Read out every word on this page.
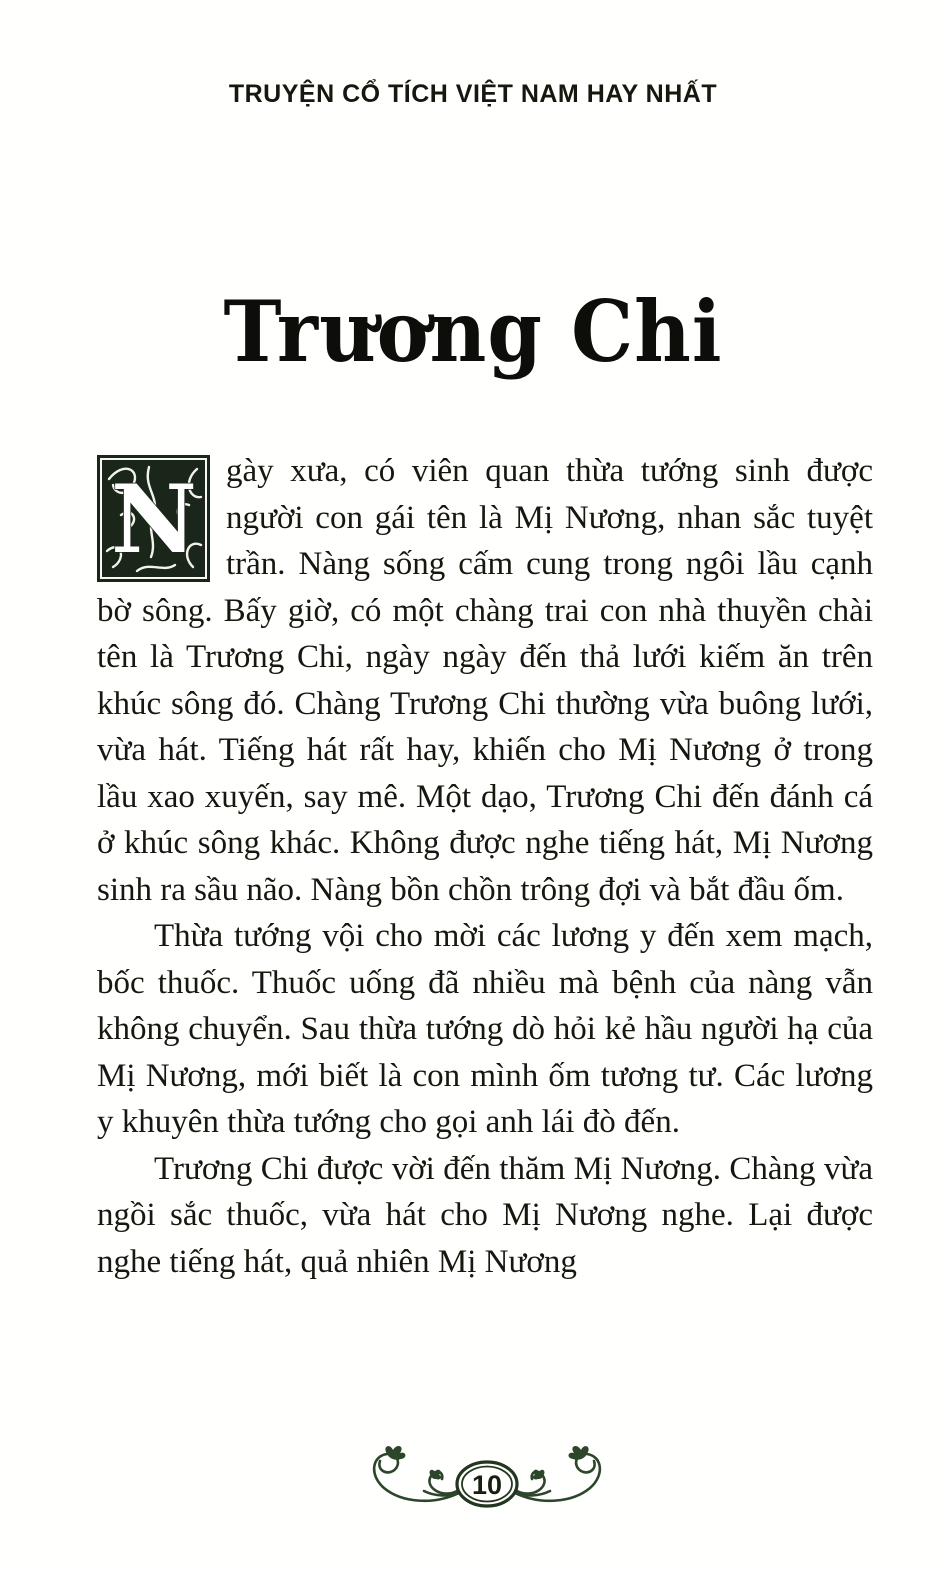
TRUYỆN CỔ TÍCH VIỆT NAM HAY NHẤT
Trương Chi

N gày xưa, có viên quan thừa tướng sinh được người con gái tên là Mị Nương, nhan sắc tuyệt trần. Nàng sống cấm cung trong ngôi lầu cạnh bờ sông. Bấy giờ, có một chàng trai con nhà thuyền chài tên là Trương Chi, ngày ngày đến thả lưới kiếm ăn trên khúc sông đó. Chàng Trương Chi thường vừa buông lưới, vừa hát. Tiếng hát rất hay, khiến cho Mị Nương ở trong lầu xao xuyến, say mê. Một dạo, Trương Chi đến đánh cá ở khúc sông khác. Không được nghe tiếng hát, Mị Nương sinh ra sầu não. Nàng bồn chồn trông đợi và bắt đầu ốm.

Thừa tướng vội cho mời các lương y đến xem mạch, bốc thuốc. Thuốc uống đã nhiều mà bệnh của nàng vẫn không chuyển. Sau thừa tướng dò hỏi kẻ hầu người hạ của Mị Nương, mới biết là con mình ốm tương tư. Các lương y khuyên thừa tướng cho gọi anh lái đò đến.

Trương Chi được vời đến thăm Mị Nương. Chàng vừa ngồi sắc thuốc, vừa hát cho Mị Nương nghe. Lại được nghe tiếng hát, quả nhiên Mị Nương

10
